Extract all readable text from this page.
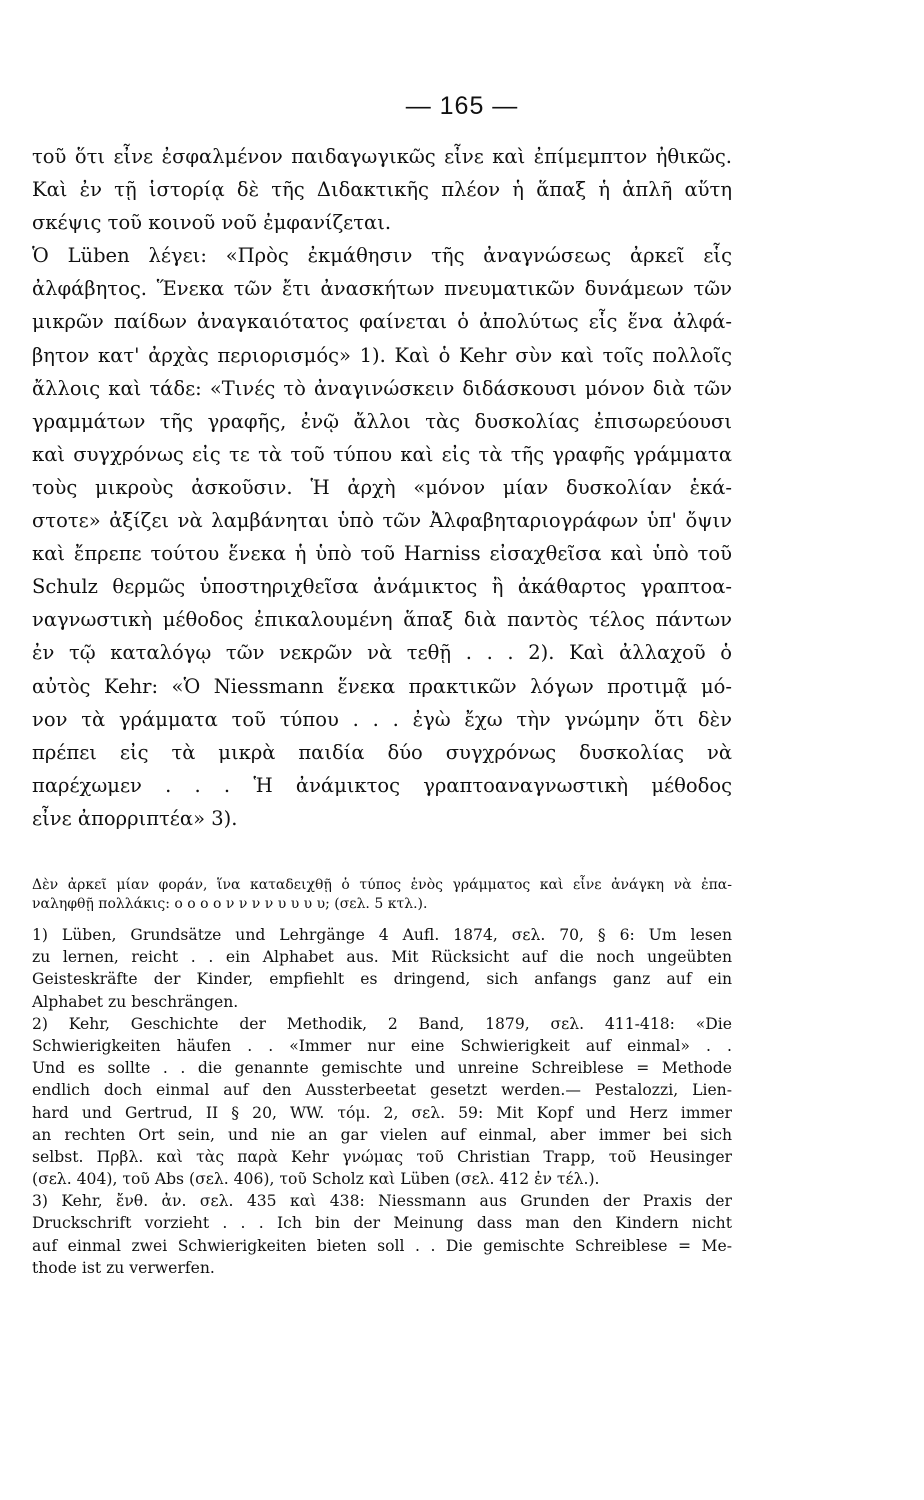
— 165 —
τοῦ ὅτι εἶνε ἐσφαλμένον παιδαγωγικῶς εἶνε καὶ ἐπίμεμπτον ἠθικῶς.
Καὶ ἐν τῇ ἱστορίᾳ δὲ τῆς Διδακτικῆς πλέον ἡ ἅπαξ ἡ ἁπλῆ αὕτη
σκέψις τοῦ κοινοῦ νοῦ ἐμφανίζεται.
Ὁ Lüben λέγει: «Πρὸς ἐκμάθησιν τῆς ἀναγνώσεως ἀρκεῖ εἷς
ἀλφάβητος. Ἕνεκα τῶν ἔτι ἀνασκήτων πνευματικῶν δυνάμεων τῶν
μικρῶν παίδων ἀναγκαιότατος φαίνεται ὁ ἀπολύτως εἷς ἕνα ἀλφά-
βητον κατ' ἀρχὰς περιορισμός» 1). Καὶ ὁ Kehr σὺν καὶ τοῖς πολλοῖς
ἄλλοις καὶ τάδε: «Τινές τὸ ἀναγινώσκειν διδάσκουσι μόνον διὰ τῶν
γραμμάτων τῆς γραφῆς, ἐνῷ ἄλλοι τὰς δυσκολίας ἐπισωρεύουσι
καὶ συγχρόνως εἰς τε τὰ τοῦ τύπου καὶ εἰς τὰ τῆς γραφῆς γράμματα
τοὺς μικροὺς ἀσκοῦσιν. Ἡ ἀρχὴ «μόνον μίαν δυσκολίαν ἑκά-
στοτε» ἀξίζει νὰ λαμβάνηται ὑπὸ τῶν Ἀλφαβηταριογράφων ὑπ' ὄψιν
καὶ ἔπρεπε τούτου ἕνεκα ἡ ὑπὸ τοῦ Harniss εἰσαχθεῖσα καὶ ὑπὸ τοῦ
Schulz θερμῶς ὑποστηριχθεῖσα ἀνάμικτος ἢ ἀκάθαρτος γραπτοα-
ναγνωστικὴ μέθοδος ἐπικαλουμένη ἅπαξ διὰ παντὸς τέλος πάντων
ἐν τῷ καταλόγῳ τῶν νεκρῶν νὰ τεθῇ . . . 2). Καὶ ἀλλαχοῦ ὁ
αὐτὸς Kehr: «Ὁ Niessmann ἕνεκα πρακτικῶν λόγων προτιμᾷ μό-
νον τὰ γράμματα τοῦ τύπου . . . ἐγὼ ἔχω τὴν γνώμην ὅτι δὲν
πρέπει εἰς τὰ μικρὰ παιδία δύο συγχρόνως δυσκολίας νὰ
παρέχωμεν . . . Ἡ ἀνάμικτος γραπτοαναγνωστικὴ μέθοδος
εἶνε ἀπορριπτέα» 3).
Δὲν ἀρκεῖ μίαν φοράν, ἵνα καταδειχθῇ ὁ τύπος ἑνὸς γράμματος καὶ εἶνε ἀνάγκη νὰ ἐπα-
ναληφθῇ πολλάκις: ο ο ο ο ν ν ν ν υ υ υ υ; (σελ. 5 κτλ.).
1) Lüben, Grundsätze und Lehrgänge 4 Aufl. 1874, σελ. 70, § 6: Um lesen
zu lernen, reicht . . ein Alphabet aus. Mit Rücksicht auf die noch ungeübten
Geisteskräfte der Kinder, empfiehlt es dringend, sich anfangs ganz auf ein
Alphabet zu beschrängen.
2) Kehr, Geschichte der Methodik, 2 Band, 1879, σελ. 411-418: «Die
Schwierigkeiten häufen . . «Immer nur eine Schwierigkeit auf einmal» . .
Und es sollte . . die genannte gemischte und unreine Schreiblese = Methode
endlich doch einmal auf den Aussterbeetat gesetzt werden.— Pestalozzi, Lien-
hard und Gertrud, II § 20, WW. τόμ. 2, σελ. 59: Mit Kopf und Herz immer
an rechten Ort sein, und nie an gar vielen auf einmal, aber immer bei sich
selbst. Πρβλ. καὶ τὰς παρὰ Kehr γνώμας τοῦ Christian Trapp, τοῦ Heusinger
(σελ. 404), τοῦ Abs (σελ. 406), τοῦ Scholz καὶ Lüben (σελ. 412 ἐν τέλ.).
3) Kehr, ἔνθ. ἀν. σελ. 435 καὶ 438: Niessmann aus Grunden der Praxis der
Druckschrift vorzieht . . . Ich bin der Meinung dass man den Kindern nicht
auf einmal zwei Schwierigkeiten bieten soll . . Die gemischte Schreiblese = Me-
thode ist zu verwerfen.
